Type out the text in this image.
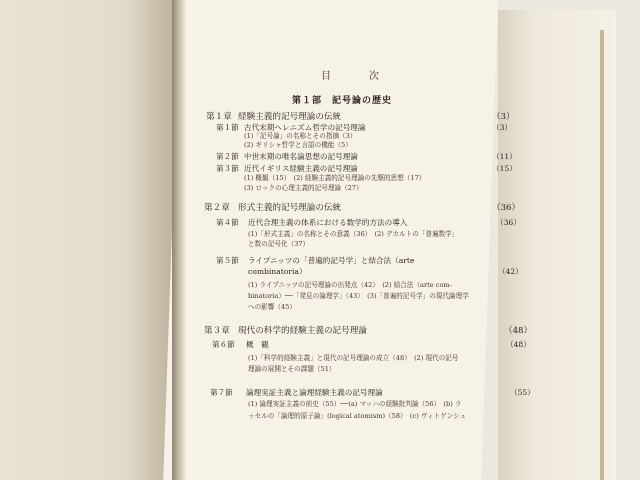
目　次
第１部　記号論の歴史
第１章 経験主義的記号理論の伝統	（3）
第１節 古代末期ヘレニズム哲学の記号理論	（3）
(1)「記号論」の名称とその指摘（3）
(2) ギリシャ哲学と言語の機能（5）
第２節 中世末期の唯名論思想の記号理論	（11）
第３節 近代イギリス経験主義の記号理論	（15）
(1) 概観（15）　(2) 経験主義的記号理論の先駆的思想（17）
(3) ロックの心理主義的記号理論（27）
第２章 形式主義的記号理論の伝統	（36）
第４節 近代合理主義の体系における数学的方法の導入	（36）
(1)「形式主義」の名称とその意義（36）　(2) デカルトの「普遍数学」
と数の記号化（37）
第５節 ライプニッツの「普遍的記号学」と結合法（arte
combinatoria）	（42）
(1) ライプニッツの記号理論の出発点（42）　(2) 結合法（arte com-
binatoria）──「発見の論理学」（43）　(3)「普遍的記号学」の現代論理学
への影響（45）
第３章 現代の科学的経験主義の記号理論	（48）
第６節 概　観	（48）
(1)「科学的経験主義」と現代の記号理論の成立（48）　(2) 現代の記号
理論の展開とその課題（51）
第７節 論理実証主義と論理経験主義の記号理論	（55）
(1) 論理実証主義の前史（55）──(a) マッハの経験批判論（56）　(b) ラ
ッセルの「論理的原子論」(logical atomism)（58）　(c) ヴィトゲンシュ
